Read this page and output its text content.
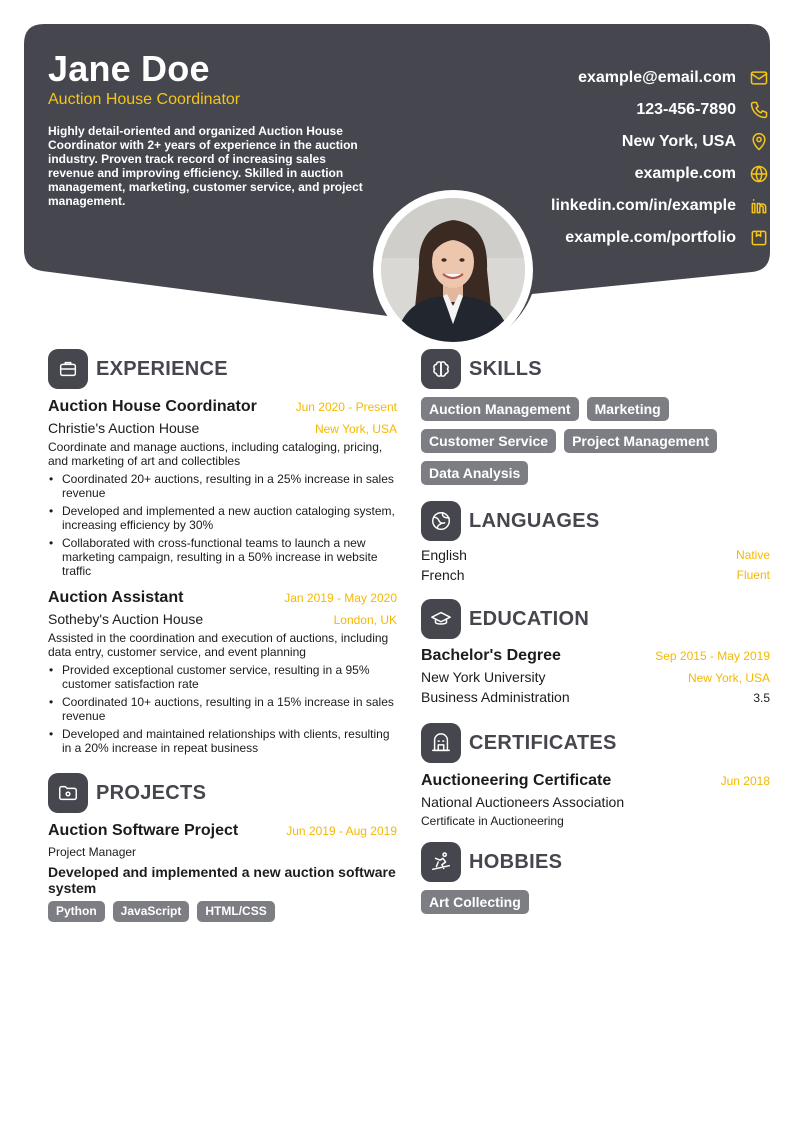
Jane Doe
Auction House Coordinator
Highly detail-oriented and organized Auction House Coordinator with 2+ years of experience in the auction industry. Proven track record of increasing sales revenue and improving efficiency. Skilled in auction management, marketing, customer service, and project management.
example@email.com
123-456-7890
New York, USA
example.com
linkedin.com/in/example
example.com/portfolio
EXPERIENCE
Auction House Coordinator	Jun 2020 - Present
Christie's Auction House	New York, USA
Coordinate and manage auctions, including cataloging, pricing, and marketing of art and collectibles
• Coordinated 20+ auctions, resulting in a 25% increase in sales revenue
• Developed and implemented a new auction cataloging system, increasing efficiency by 30%
• Collaborated with cross-functional teams to launch a new marketing campaign, resulting in a 50% increase in website traffic
Auction Assistant	Jan 2019 - May 2020
Sotheby's Auction House	London, UK
Assisted in the coordination and execution of auctions, including data entry, customer service, and event planning
• Provided exceptional customer service, resulting in a 95% customer satisfaction rate
• Coordinated 10+ auctions, resulting in a 15% increase in sales revenue
• Developed and maintained relationships with clients, resulting in a 20% increase in repeat business
PROJECTS
Auction Software Project	Jun 2019 - Aug 2019
Project Manager
Developed and implemented a new auction software system
Python	JavaScript	HTML/CSS
SKILLS
Auction Management	Marketing
Customer Service	Project Management
Data Analysis
LANGUAGES
English	Native
French	Fluent
EDUCATION
Bachelor's Degree	Sep 2015 - May 2019
New York University	New York, USA
Business Administration	3.5
CERTIFICATES
Auctioneering Certificate	Jun 2018
National Auctioneers Association
Certificate in Auctioneering
HOBBIES
Art Collecting
